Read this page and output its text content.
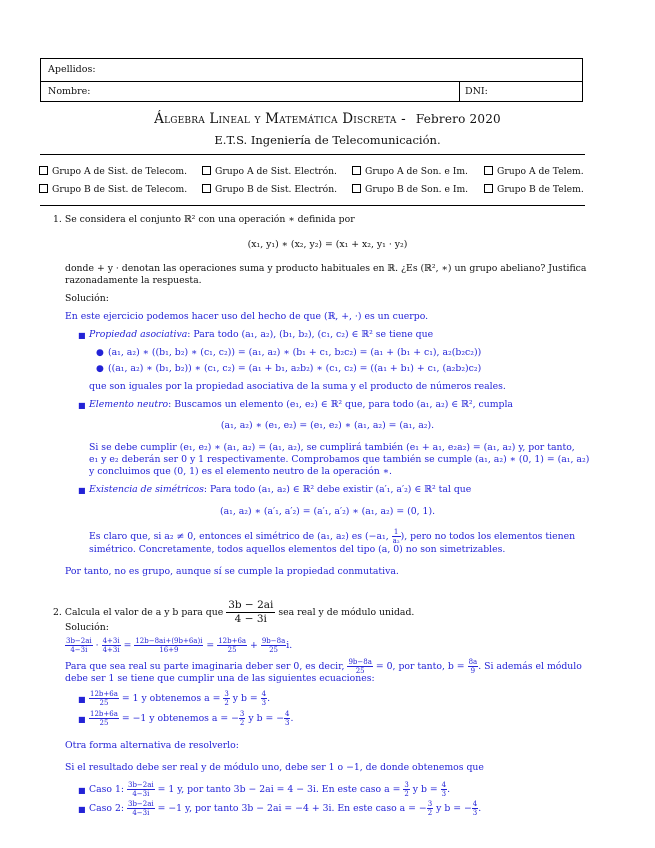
Apellidos:
Nombre:	DNI:
Álgebra Lineal y Matemática Discreta - Febrero 2020
E.T.S. Ingeniería de Telecomunicación.
Grupo A de Sist. de Telecom.	Grupo A de Sist. Electrón.	Grupo A de Son. e Im.	Grupo A de Telem.
Grupo B de Sist. de Telecom.	Grupo B de Sist. Electrón.	Grupo B de Son. e Im.	Grupo B de Telem.
1. Se considera el conjunto ℝ² con una operación ∗ definida por
(x₁, y₁) ∗ (x₂, y₂) = (x₁ + x₂, y₁ · y₂)
donde + y · denotan las operaciones suma y producto habituales en ℝ. ¿Es (ℝ², ∗) un grupo abeliano? Justifica
razonadamente la respuesta.
Solución:
En este ejercicio podemos hacer uso del hecho de que (ℝ, +, ·) es un cuerpo.
■ Propiedad asociativa: Para todo (a₁, a₂), (b₁, b₂), (c₁, c₂) ∈ ℝ² se tiene que
● (a₁, a₂) ∗ ((b₁, b₂) ∗ (c₁, c₂)) = (a₁, a₂) ∗ (b₁ + c₁, b₂c₂) = (a₁ + (b₁ + c₁), a₂(b₂c₂))
● ((a₁, a₂) ∗ (b₁, b₂)) ∗ (c₁, c₂) = (a₁ + b₁, a₂b₂) ∗ (c₁, c₂) = ((a₁ + b₁) + c₁, (a₂b₂)c₂)
que son iguales por la propiedad asociativa de la suma y el producto de números reales.
■ Elemento neutro: Buscamos un elemento (e₁, e₂) ∈ ℝ² que, para todo (a₁, a₂) ∈ ℝ², cumpla
(a₁, a₂) ∗ (e₁, e₂) = (e₁, e₂) ∗ (a₁, a₂) = (a₁, a₂).
Si se debe cumplir (e₁, e₂) ∗ (a₁, a₂) = (a₁, a₂), se cumplirá también (e₁ + a₁, e₂a₂) = (a₁, a₂) y, por tanto,
e₁ y e₂ deberán ser 0 y 1 respectivamente. Comprobamos que también se cumple (a₁, a₂) ∗ (0, 1) = (a₁, a₂)
y concluimos que (0, 1) es el elemento neutro de la operación ∗.
■ Existencia de simétricos: Para todo (a₁, a₂) ∈ ℝ² debe existir (a′₁, a′₂) ∈ ℝ² tal que
(a₁, a₂) ∗ (a′₁, a′₂) = (a′₁, a′₂) ∗ (a₁, a₂) = (0, 1).
Es claro que, si a₂ ≠ 0, entonces el simétrico de (a₁, a₂) es (−a₁, $\frac{1}{\text{a₂}}$ ), pero no todos los elementos tienen
simétrico. Concretamente, todos aquellos elementos del tipo (a, 0) no son simetrizables.
Por tanto, no es grupo, aunque sí se cumple la propiedad conmutativa.
2. Calcula el valor de a y b para que $\frac{3b - 2ai}{4 - 3i}$ sea real y de módulo unidad.
Solución:
$\frac{3b-2ai}{4-3i} \cdot \frac{4+3i}{4+3i} = \frac{12b-8ai+(9b+6a)i}{16+9} = \frac{12b+6a}{25} + \frac{9b-8a}{25} i$.
Para que sea real su parte imaginaria deber ser 0, es decir, $\frac{9b-8a}{25} = 0$, por tanto, $b = \frac{8a}{9}$ . Si además el módulo
debe ser 1 se tiene que cumplir una de las siguientes ecuaciones:
■ $\frac{12b+6a}{25} = 1$ y obtenemos $a = \frac{3}{2}$ y $b = \frac{4}{3}$ .
■ $\frac{12b+6a}{25} = -1$ y obtenemos a = − $\frac{3}{2}$ y b = − $\frac{4}{3}$ .
Otra forma alternativa de resolverlo:
Si el resultado debe ser real y de módulo uno, debe ser 1 o −1, de donde obtenemos que
■ Caso 1: $\frac{3b-2ai}{4-3i} = 1$ y, por tanto 3b − 2ai = 4 − 3i. En este caso $a = \frac{3}{2}$ y $b = \frac{4}{3}$ .
■ Caso 2: $\frac{3b-2ai}{4-3i} = -1$ y, por tanto 3b − 2ai = −4 + 3i. En este caso a = − $\frac{3}{2}$ y b = − $\frac{4}{3}$ .
